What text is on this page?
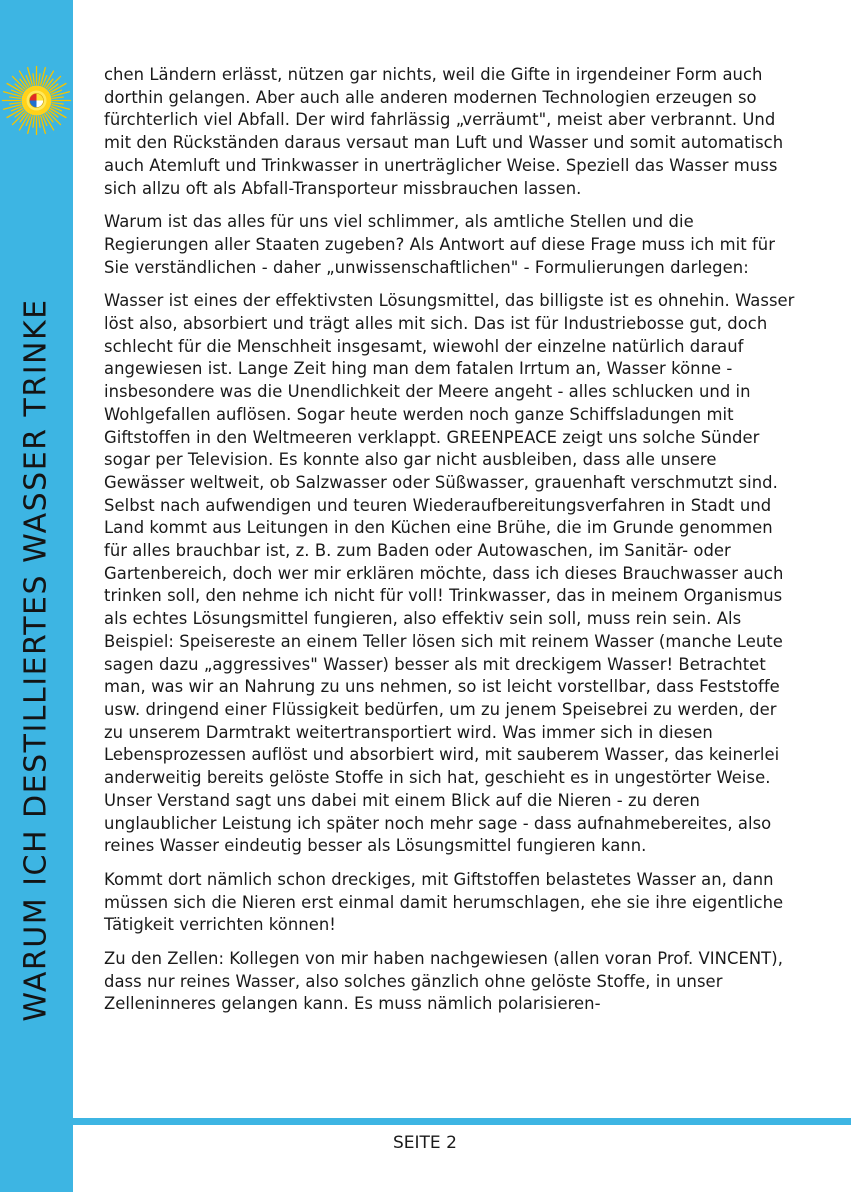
WARUM ICH DESTILLIERTES WASSER TRINKE

chen Ländern erlässt, nützen gar nichts, weil die Gifte in irgendeiner Form auch dorthin gelangen. Aber auch alle anderen modernen Technologien erzeugen so fürchterlich viel Abfall. Der wird fahrlässig „verräumt", meist aber verbrannt. Und mit den Rückständen daraus versaut man Luft und Wasser und somit automatisch auch Atemluft und Trinkwasser in unerträglicher Weise. Speziell das Wasser muss sich allzu oft als Abfall-Transporteur missbrauchen lassen.

Warum ist das alles für uns viel schlimmer, als amtliche Stellen und die Regierungen aller Staaten zugeben? Als Antwort auf diese Frage muss ich mit für Sie verständlichen - daher „unwissenschaftlichen" - Formulierungen darlegen:

Wasser ist eines der effektivsten Lösungsmittel, das billigste ist es ohnehin. Wasser löst also, absorbiert und trägt alles mit sich. Das ist für Industriebosse gut, doch schlecht für die Menschheit insgesamt, wiewohl der einzelne natürlich darauf angewiesen ist. Lange Zeit hing man dem fatalen Irrtum an, Wasser könne - insbesondere was die Unendlichkeit der Meere angeht - alles schlucken und in Wohlgefallen auflösen. Sogar heute werden noch ganze Schiffsladungen mit Giftstoffen in den Weltmeeren verklappt. GREENPEACE zeigt uns solche Sünder sogar per Television. Es konnte also gar nicht ausbleiben, dass alle unsere Gewässer weltweit, ob Salzwasser oder Süßwasser, grauenhaft verschmutzt sind. Selbst nach aufwendigen und teuren Wiederaufbereitungsverfahren in Stadt und Land kommt aus Leitungen in den Küchen eine Brühe, die im Grunde genommen für alles brauchbar ist, z. B. zum Baden oder Autowaschen, im Sanitär- oder Gartenbereich, doch wer mir erklären möchte, dass ich dieses Brauchwasser auch trinken soll, den nehme ich nicht für voll! Trinkwasser, das in meinem Organismus als echtes Lösungsmittel fungieren, also effektiv sein soll, muss rein sein. Als Beispiel: Speisereste an einem Teller lösen sich mit reinem Wasser (manche Leute sagen dazu „aggressives" Wasser) besser als mit dreckigem Wasser! Betrachtet man, was wir an Nahrung zu uns nehmen, so ist leicht vorstellbar, dass Feststoffe usw. dringend einer Flüssigkeit bedürfen, um zu jenem Speisebrei zu werden, der zu unserem Darmtrakt weitertransportiert wird. Was immer sich in diesen Lebensprozessen auflöst und absorbiert wird, mit sauberem Wasser, das keinerlei anderweitig bereits gelöste Stoffe in sich hat, geschieht es in ungestörter Weise. Unser Verstand sagt uns dabei mit einem Blick auf die Nieren - zu deren unglaublicher Leistung ich später noch mehr sage - dass aufnahmebereites, also reines Wasser eindeutig besser als Lösungsmittel fungieren kann.

Kommt dort nämlich schon dreckiges, mit Giftstoffen belastetes Wasser an, dann müssen sich die Nieren erst einmal damit herumschlagen, ehe sie ihre eigentliche Tätigkeit verrichten können!

Zu den Zellen: Kollegen von mir haben nachgewiesen (allen voran Prof. VINCENT), dass nur reines Wasser, also solches gänzlich ohne gelöste Stoffe, in unser Zelleninneres gelangen kann. Es muss nämlich polarisieren-

SEITE 2
